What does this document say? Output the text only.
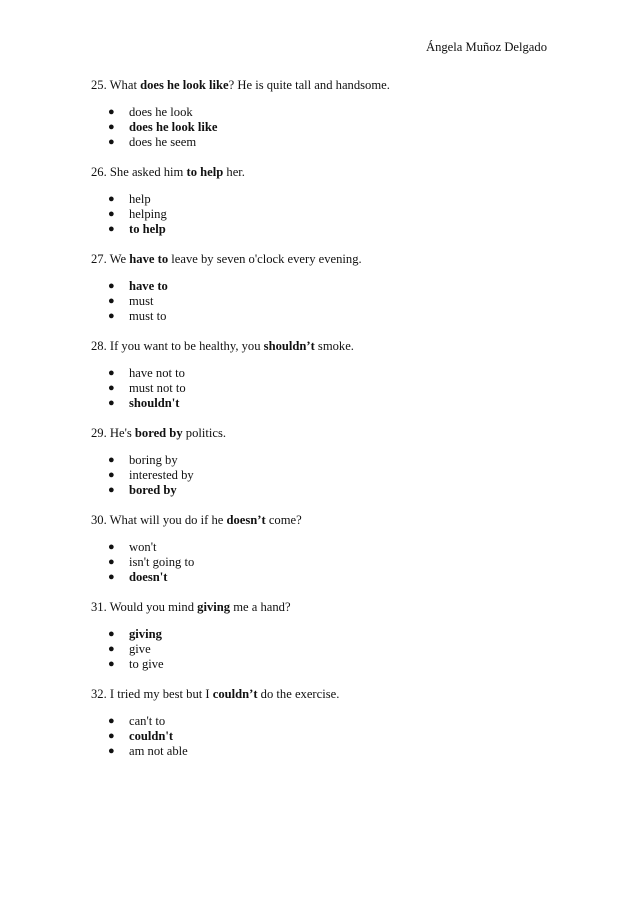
Ángela Muñoz Delgado

25. What does he look like? He is quite tall and handsome.

● does he look
● does he look like
● does he seem

26. She asked him to help her.

● help
● helping
● to help

27. We have to leave by seven o'clock every evening.

● have to
● must
● must to

28. If you want to be healthy, you shouldn’t smoke.

● have not to
● must not to
● shouldn't

29. He's bored by politics.

● boring by
● interested by
● bored by

30. What will you do if he doesn’t come?

● won't
● isn't going to
● doesn't

31. Would you mind giving me a hand?

● giving
● give
● to give

32. I tried my best but I couldn’t do the exercise.

● can't to
● couldn't
● am not able
